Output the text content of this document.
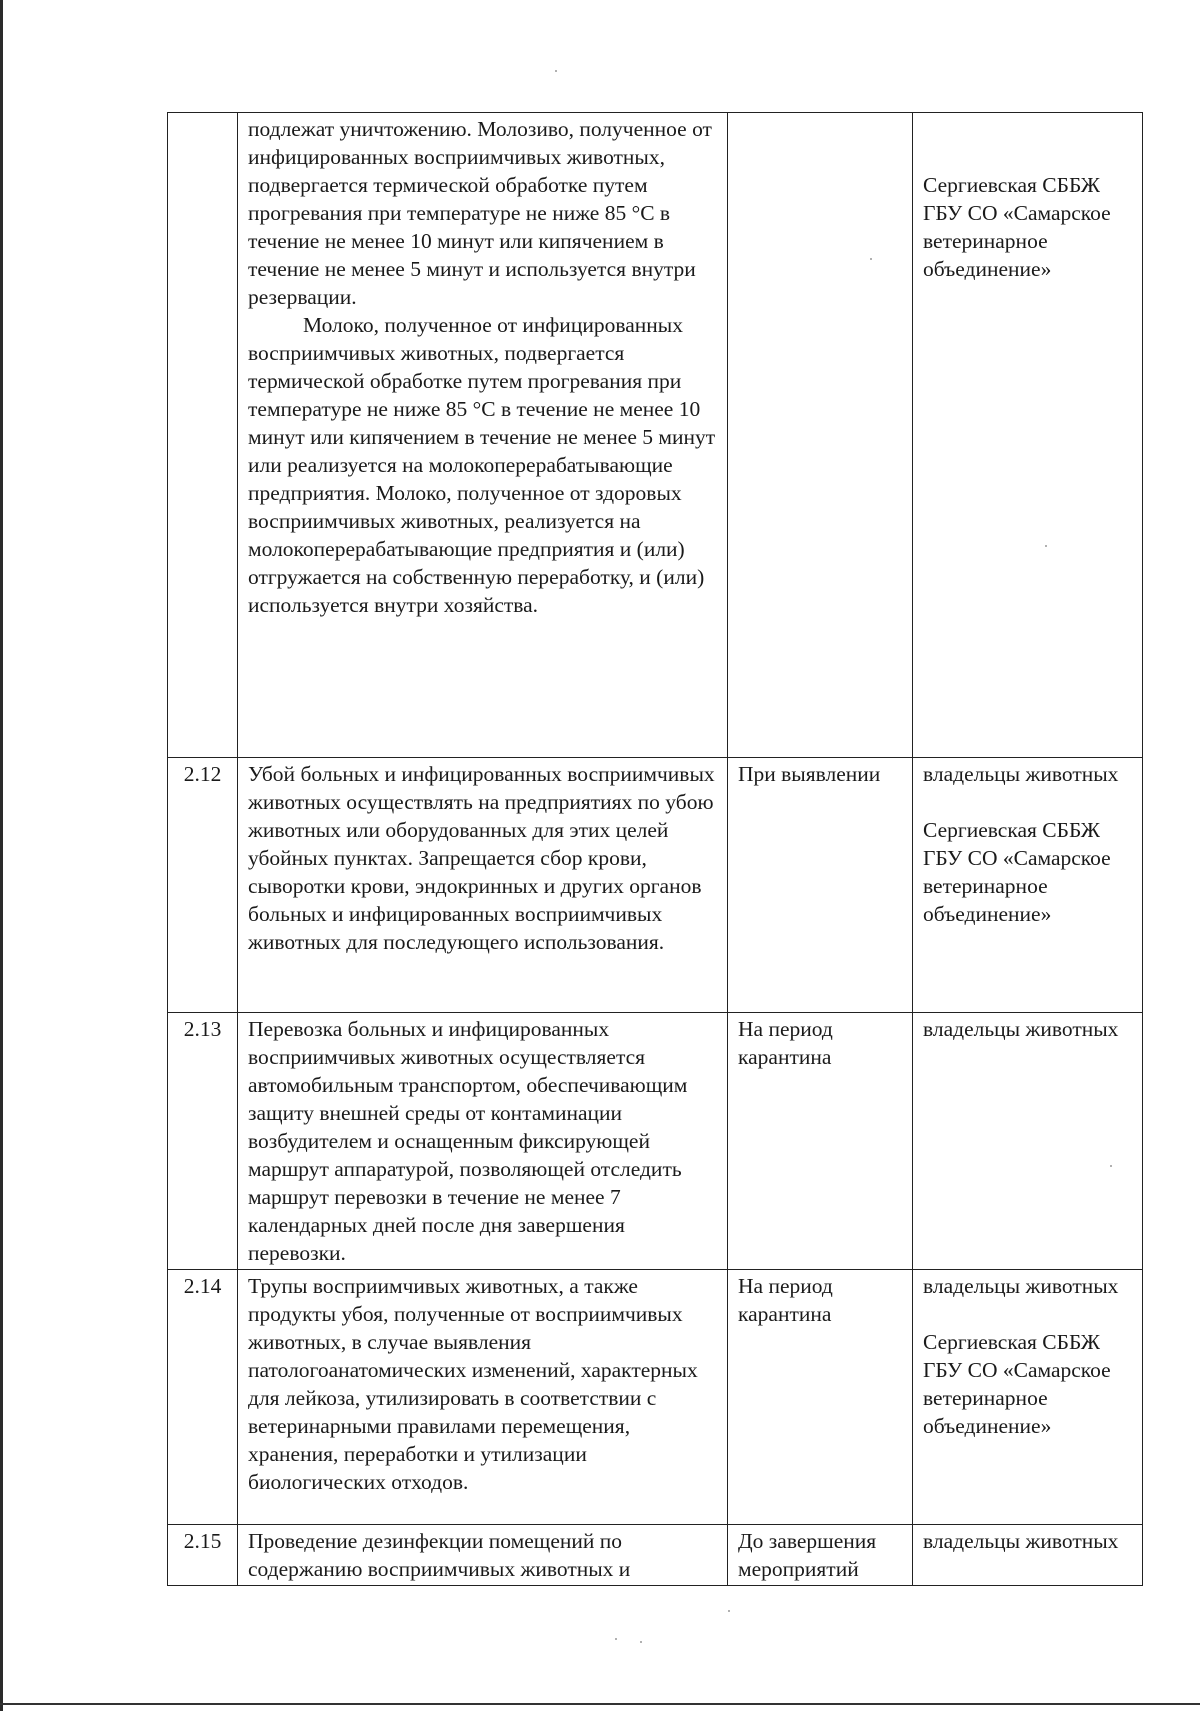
	подлежат уничтожению. Молозиво, полученное от инфицированных восприимчивых животных, подвергается термической обработке путем прогревания при температуре не ниже 85 °C в течение не менее 10 минут или кипячением в течение не менее 5 минут и используется внутри резервации.
Молоко, полученное от инфицированных восприимчивых животных, подвергается термической обработке путем прогревания при температуре не ниже 85 °C в течение не менее 10 минут или кипячением в течение не менее 5 минут или реализуется на молокоперерабатывающие предприятия. Молоко, полученное от здоровых восприимчивых животных, реализуется на молокоперерабатывающие предприятия и (или) отгружается на собственную переработку, и (или) используется внутри хозяйства.		Сергиевская СББЖ ГБУ СО «Самарское ветеринарное объединение»

2.12	Убой больных и инфицированных восприимчивых животных осуществлять на предприятиях по убою животных или оборудованных для этих целей убойных пунктах. Запрещается сбор крови, сыворотки крови, эндокринных и других органов больных и инфицированных восприимчивых животных для последующего использования.	При выявлении	владельцы животных
Сергиевская СББЖ ГБУ СО «Самарское ветеринарное объединение»

2.13	Перевозка больных и инфицированных восприимчивых животных осуществляется автомобильным транспортом, обеспечивающим защиту внешней среды от контаминации возбудителем и оснащенным фиксирующей маршрут аппаратурой, позволяющей отследить маршрут перевозки в течение не менее 7 календарных дней после дня завершения перевозки.	На период карантина	владельцы животных

2.14	Трупы восприимчивых животных, а также продукты убоя, полученные от восприимчивых животных, в случае выявления патологоанатомических изменений, характерных для лейкоза, утилизировать в соответствии с ветеринарными правилами перемещения, хранения, переработки и утилизации биологических отходов.	На период карантина	владельцы животных
Сергиевская СББЖ ГБУ СО «Самарское ветеринарное объединение»

2.15	Проведение дезинфекции помещений по содержанию восприимчивых животных и	До завершения мероприятий	владельцы животных
